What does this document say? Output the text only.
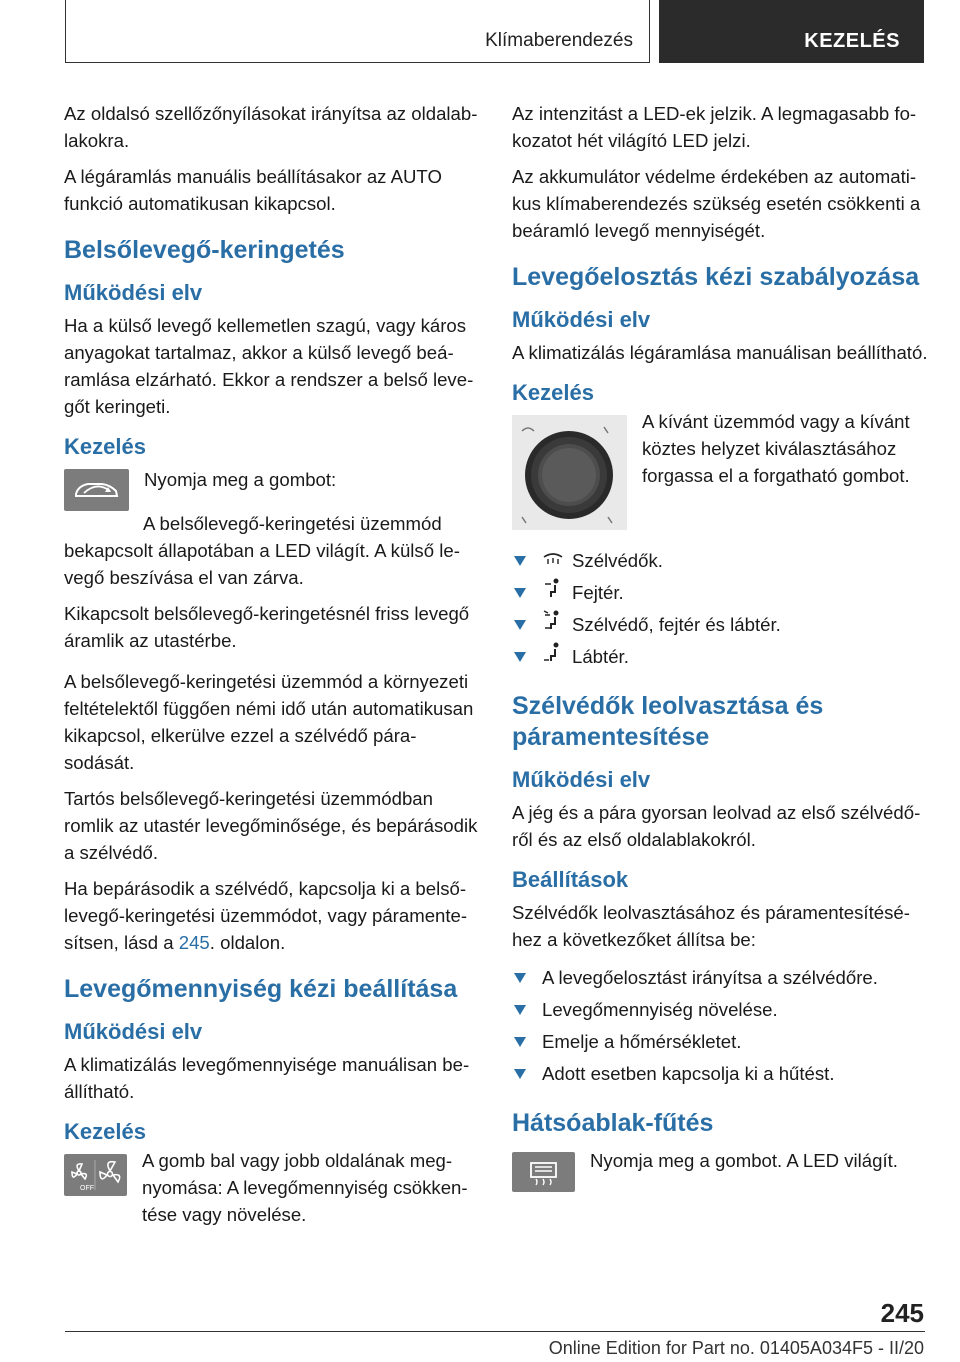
Klímaberendezés	KEZELÉS

Az oldalsó szellőzőnyílásokat irányítsa az oldalablakokra.

A légáramlás manuális beállításakor az AUTO funkció automatikusan kikapcsol.

Belsőlevegő-keringetés
Működési elv

Ha a külső levegő kellemetlen szagú, vagy káros anyagokat tartalmaz, akkor a külső levegő beáramlása elzárható. Ekkor a rendszer a belső levegőt keringeti.

Kezelés

Nyomja meg a gombot:

A belsőlevegő-keringetési üzemmód bekapcsolt állapotában a LED világít. A külső levegő beszívása el van zárva.

Kikapcsolt belsőlevegő-keringetésnél friss levegő áramlik az utastérbe.

A belsőlevegő-keringetési üzemmód a környezeti feltételektől függően némi idő után automatikusan kikapcsol, elkerülve ezzel a szélvédő párasodását.

Tartós belsőlevegő-keringetési üzemmódban romlik az utastér levegőminősége, és bepárásodik a szélvédő.

Ha bepárásodik a szélvédő, kapcsolja ki a belsőlevegő-keringetési üzemmódot, vagy páramentesítsen, lásd a 245. oldalon.

Levegőmennyiség kézi beállítása
Működési elv

A klimatizálás levegőmennyisége manuálisan beállítható.

Kezelés
OFF

A gomb bal vagy jobb oldalának megnyomása: A levegőmennyiség csökkentése vagy növelése.

Az intenzitást a LED-ek jelzik. A legmagasabb fokozatot hét világító LED jelzi.

Az akkumulátor védelme érdekében az automatikus klímaberendezés szükség esetén csökkenti a beáramló levegő mennyiségét.

Levegőelosztás kézi szabályozása
Működési elv

A klimatizálás légáramlása manuálisan beállítható.

Kezelés

A kívánt üzemmód vagy a kívánt köztes helyzet kiválasztásához forgassa el a forgatható gombot.

Szélvédők.
Fejtér.
Szélvédő, fejtér és lábtér.
Lábtér.
Szélvédők leolvasztása és páramentesítése
Működési elv

A jég és a pára gyorsan leolvad az első szélvédőről és az első oldalablakokról.

Beállítások

Szélvédők leolvasztásához és páramentesítéséhez a következőket állítsa be:

A levegőelosztást irányítsa a szélvédőre.
Levegőmennyiség növelése.
Emelje a hőmérsékletet.
Adott esetben kapcsolja ki a hűtést.
Hátsóablak-fűtés

Nyomja meg a gombot. A LED világít.

245
Online Edition for Part no. 01405A034F5 - II/20
